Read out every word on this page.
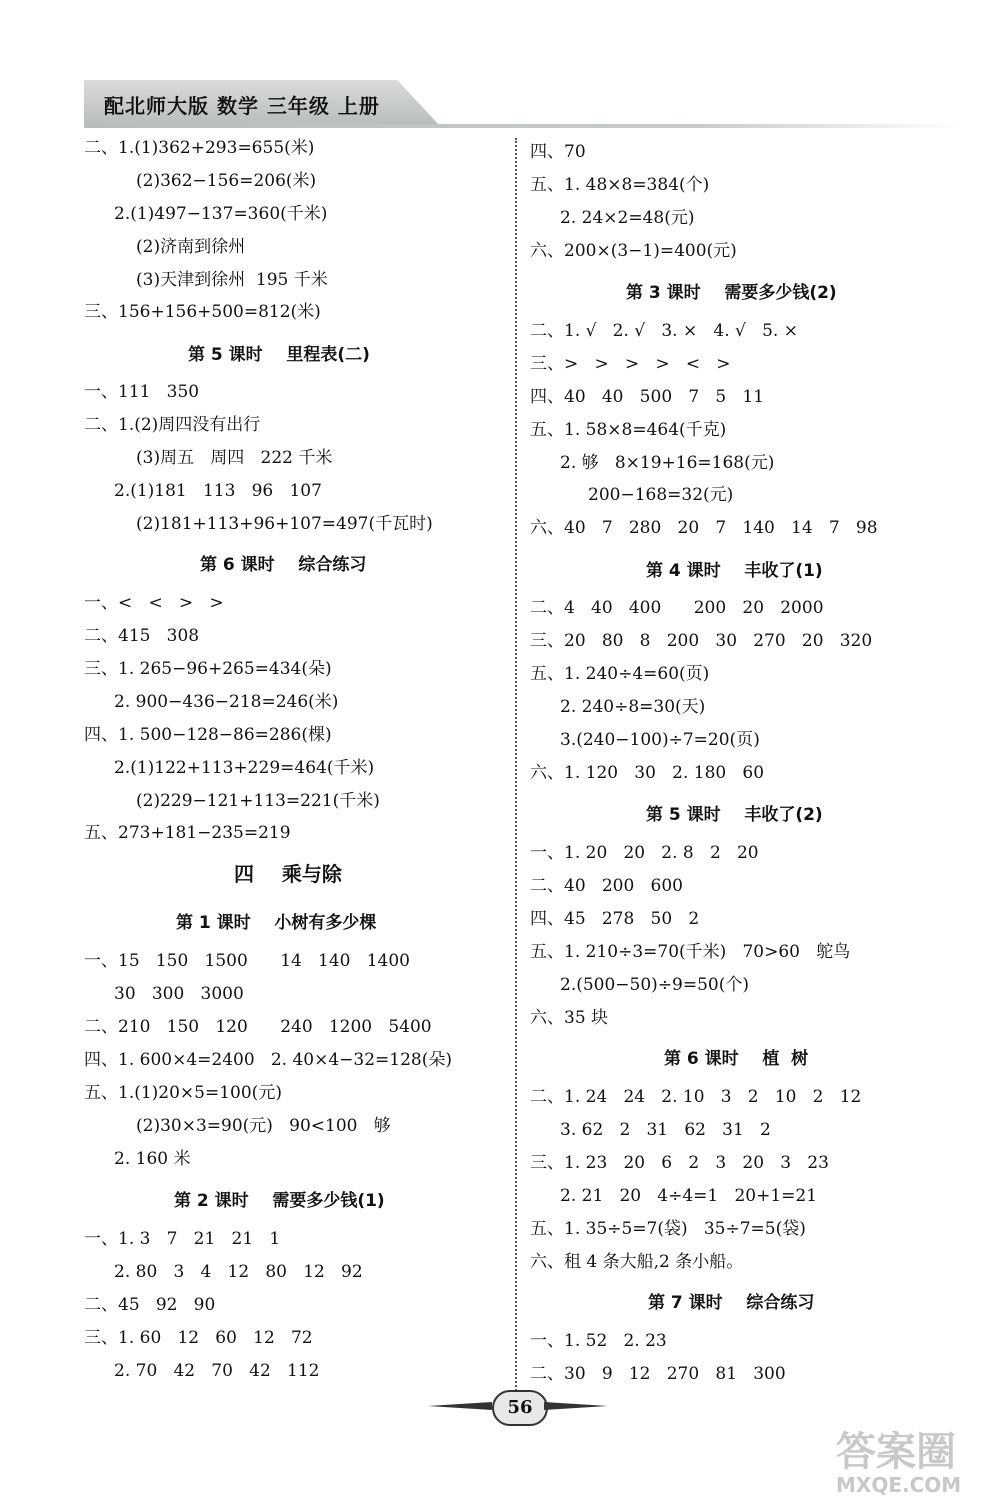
配北师大版 数学 三年级 上册
二、1.(1)362+293=655(米)
(2)362−156=206(米)
2.(1)497−137=360(千米)
(2)济南到徐州
(3)天津到徐州  195 千米
三、156+156+500=812(米)
第 5 课时    里程表(二)
一、111   350
二、1.(2)周四没有出行
(3)周五   周四   222 千米
2.(1)181   113   96   107
(2)181+113+96+107=497(千瓦时)
第 6 课时    综合练习
一、<   <   >   >
二、415   308
三、1. 265−96+265=434(朵)
2. 900−436−218=246(米)
四、1. 500−128−86=286(棵)
2.(1)122+113+229=464(千米)
(2)229−121+113=221(千米)
五、273+181−235=219
四    乘与除
第 1 课时    小树有多少棵
一、15   150   1500      14   140   1400
30   300   3000
二、210   150   120      240   1200   5400
四、1. 600×4=2400   2. 40×4−32=128(朵)
五、1.(1)20×5=100(元)
(2)30×3=90(元)   90<100   够
2. 160 米
第 2 课时    需要多少钱(1)
一、1. 3   7   21   21   1
2. 80   3   4   12   80   12   92
二、45   92   90
三、1. 60   12   60   12   72
2. 70   42   70   42   112
四、70
五、1. 48×8=384(个)
2. 24×2=48(元)
六、200×(3−1)=400(元)
第 3 课时    需要多少钱(2)
二、1. √   2. √   3. ×   4. √   5. ×
三、>   >   >   >   <   >
四、40   40   500   7   5   11
五、1. 58×8=464(千克)
2. 够   8×19+16=168(元)
200−168=32(元)
六、40   7   280   20   7   140   14   7   98
第 4 课时    丰收了(1)
二、4   40   400      200   20   2000
三、20   80   8   200   30   270   20   320
五、1. 240÷4=60(页)
2. 240÷8=30(天)
3.(240−100)÷7=20(页)
六、1. 120   30   2. 180   60
第 5 课时    丰收了(2)
一、1. 20   20   2. 8   2   20
二、40   200   600
四、45   278   50   2
五、1. 210÷3=70(千米)   70>60   鸵鸟
2.(500−50)÷9=50(个)
六、35 块
第 6 课时    植  树
二、1. 24   24   2. 10   3   2   10   2   12
3. 62   2   31   62   31   2
三、1. 23   20   6   2   3   20   3   23
2. 21   20   4÷4=1   20+1=21
五、1. 35÷5=7(袋)   35÷7=5(袋)
六、租 4 条大船,2 条小船。
第 7 课时    综合练习
一、1. 52   2. 23
二、30   9   12   270   81   300
56
答案圈
MXQE.COM
